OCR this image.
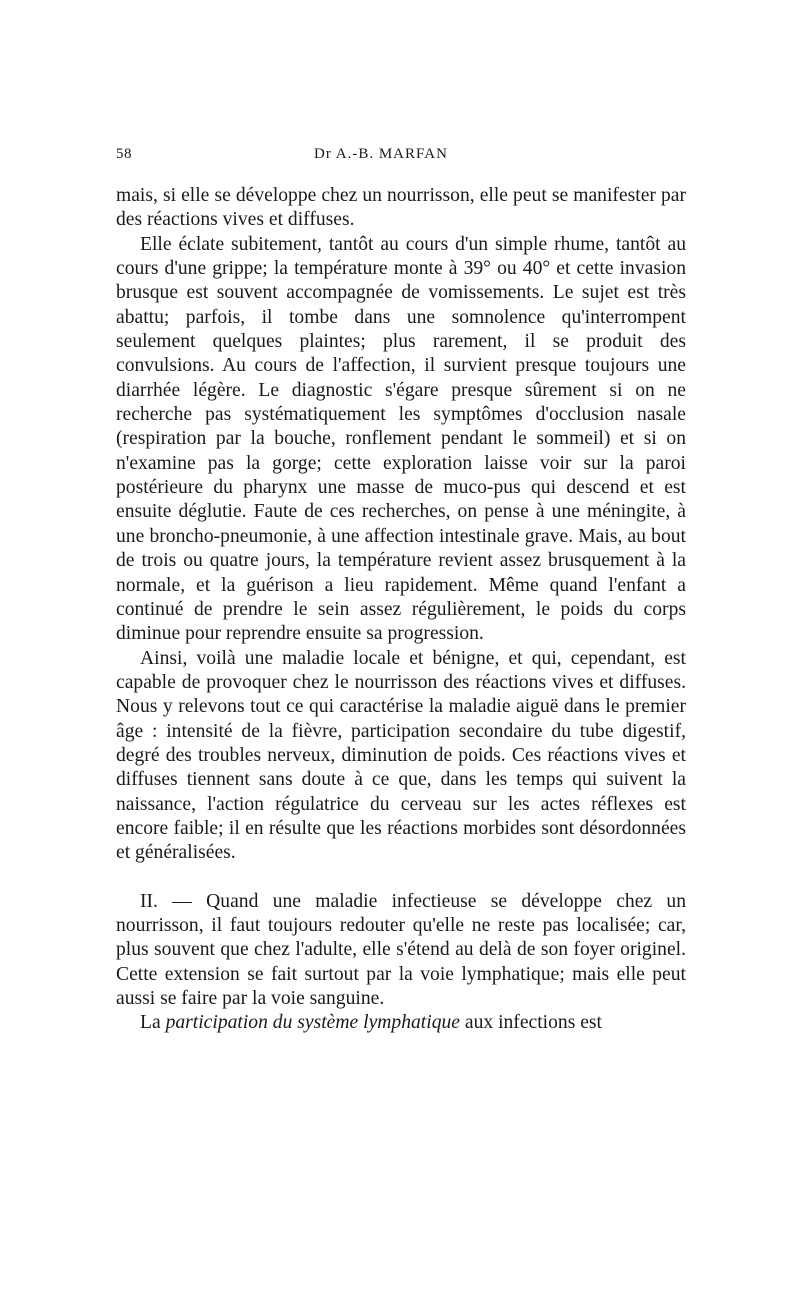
58	Dr A.-B. MARFAN

mais, si elle se développe chez un nourrisson, elle peut se manifester par des réactions vives et diffuses.

Elle éclate subitement, tantôt au cours d'un simple rhume, tantôt au cours d'une grippe; la température monte à 39° ou 40° et cette invasion brusque est souvent accompagnée de vomissements. Le sujet est très abattu; parfois, il tombe dans une somnolence qu'interrompent seulement quelques plaintes; plus rarement, il se produit des convulsions. Au cours de l'affection, il survient presque toujours une diarrhée légère. Le diagnostic s'égare presque sûrement si on ne recherche pas systématiquement les symptômes d'occlusion nasale (respiration par la bouche, ronflement pendant le sommeil) et si on n'examine pas la gorge; cette exploration laisse voir sur la paroi postérieure du pharynx une masse de muco-pus qui descend et est ensuite déglutie. Faute de ces recherches, on pense à une méningite, à une broncho-pneumonie, à une affection intestinale grave. Mais, au bout de trois ou quatre jours, la température revient assez brusquement à la normale, et la guérison a lieu rapidement. Même quand l'enfant a continué de prendre le sein assez régulièrement, le poids du corps diminue pour reprendre ensuite sa progression.

Ainsi, voilà une maladie locale et bénigne, et qui, cependant, est capable de provoquer chez le nourrisson des réactions vives et diffuses. Nous y relevons tout ce qui caractérise la maladie aiguë dans le premier âge : intensité de la fièvre, participation secondaire du tube digestif, degré des troubles nerveux, diminution de poids. Ces réactions vives et diffuses tiennent sans doute à ce que, dans les temps qui suivent la naissance, l'action régulatrice du cerveau sur les actes réflexes est encore faible; il en résulte que les réactions morbides sont désordonnées et généralisées.

II. — Quand une maladie infectieuse se développe chez un nourrisson, il faut toujours redouter qu'elle ne reste pas localisée; car, plus souvent que chez l'adulte, elle s'étend au delà de son foyer originel. Cette extension se fait surtout par la voie lymphatique; mais elle peut aussi se faire par la voie sanguine.

La participation du système lymphatique aux infections est
